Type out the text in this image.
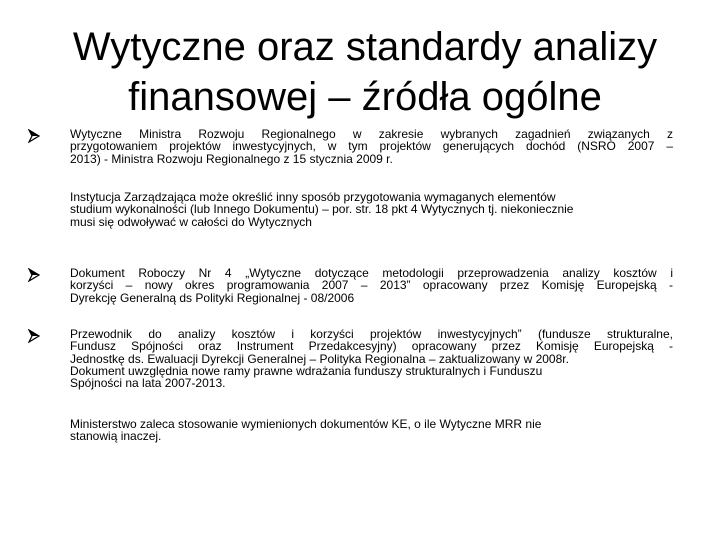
Wytyczne oraz standardy analizy
finansowej – źródła ogólne

Wytyczne Ministra Rozwoju Regionalnego w zakresie wybranych zagadnień związanych z
przygotowaniem projektów inwestycyjnych, w tym projektów generujących dochód (NSRO 2007 –
2013) - Ministra Rozwoju Regionalnego z 15 stycznia 2009 r.

Instytucja Zarządzająca może określić inny sposób przygotowania wymaganych elementów
studium wykonalności (lub Innego Dokumentu) – por. str. 18 pkt 4 Wytycznych tj. niekoniecznie
musi się odwoływać w całości do Wytycznych

Dokument Roboczy Nr 4 „Wytyczne dotyczące metodologii przeprowadzenia analizy kosztów i
korzyści – nowy okres programowania 2007 – 2013” opracowany przez Komisję Europejską -
Dyrekcję Generalną ds Polityki Regionalnej - 08/2006

Przewodnik do analizy kosztów i korzyści projektów inwestycyjnych” (fundusze strukturalne,
Fundusz Spójności oraz Instrument Przedakcesyjny) opracowany przez Komisję Europejską -
Jednostkę ds. Ewaluacji Dyrekcji Generalnej – Polityka Regionalna – zaktualizowany w 2008r.
Dokument uwzględnia nowe ramy prawne wdrażania funduszy strukturalnych i Funduszu
Spójności na lata 2007-2013.

Ministerstwo zaleca stosowanie wymienionych dokumentów KE, o ile Wytyczne MRR nie
stanowią inaczej.
